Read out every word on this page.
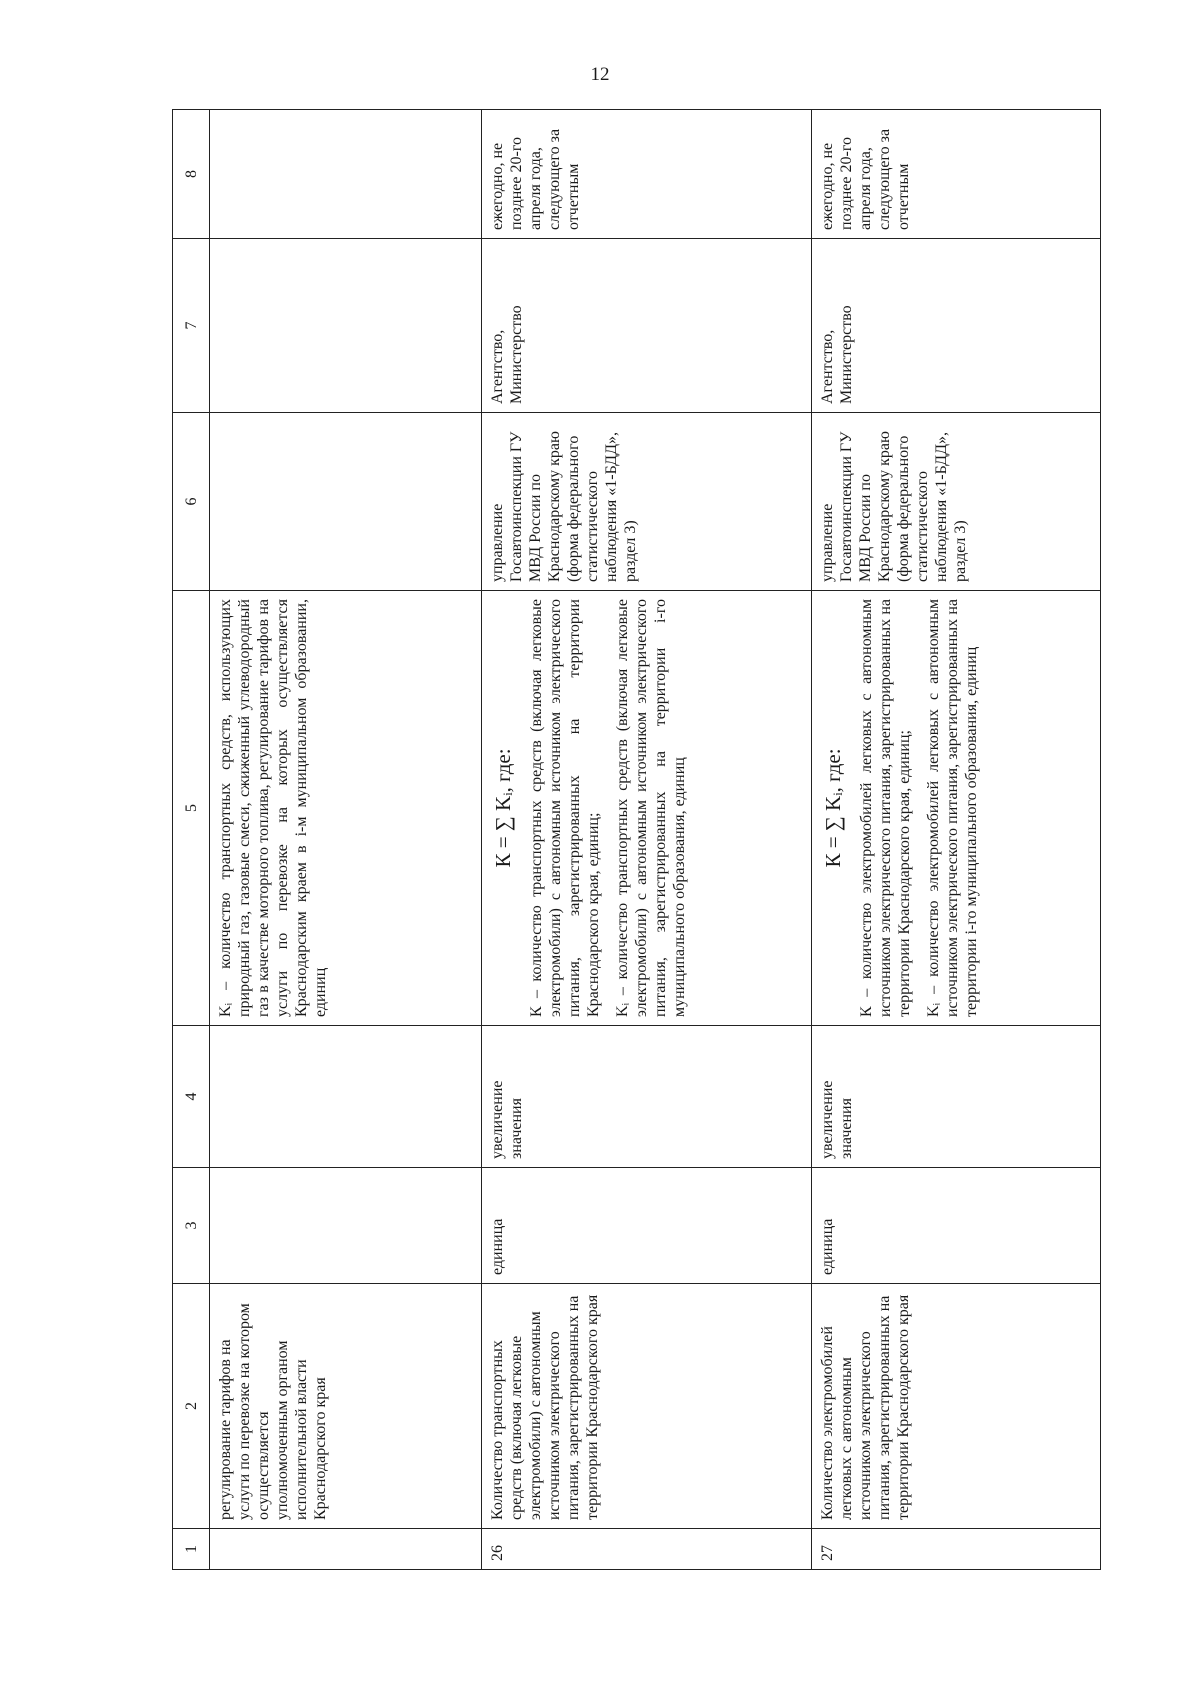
12
1	2	3	4	5	6	7	8
	регулирование тарифов на услуги по перевозке на котором осуществляется уполномоченным органом исполнительной власти Краснодарского края			Kᵢ – количество транспортных средств, использующих природный газ, газовые смеси, сжиженный углеводородный газ в качестве моторного топлива, регулирование тарифов на услуги по перевозке на которых осуществляется Краснодарским краем в i-м муниципальном образовании, единиц			

26	Количество транспортных средств (включая легковые электромобили) с автономным источником электрического питания, зарегистрированных на территории Краснодарского края	единица	увеличение значения	К = ∑ Kᵢ, где: К – количество транспортных средств (включая легковые электромобили) с автономным источником электрического питания, зарегистрированных на территории Краснодарского края, единиц; Kᵢ – количество транспортных средств (включая легковые электромобили) с автономным источником электрического питания, зарегистрированных на территории i-го муниципального образования, единиц	управление Госавтоинспекции ГУ МВД России по Краснодарскому краю (форма федерального статистического наблюдения «1-БДД», раздел 3)	Агентство, Министерство	ежегодно, не позднее 20-го апреля года, следующего за отчетным
27	Количество электромобилей легковых с автономным источником электрического питания, зарегистрированных на территории Краснодарского края	единица	увеличение значения	К = ∑ Kᵢ, где: К – количество электромобилей легковых с автономным источником электрического питания, зарегистрированных на территории Краснодарского края, единиц; Kᵢ – количество электромобилей легковых с автономным источником электрического питания, зарегистрированных на территории i-го муниципального образования, единиц	управление Госавтоинспекции ГУ МВД России по Краснодарскому краю (форма федерального статистического наблюдения «1-БДД», раздел 3)	Агентство, Министерство	ежегодно, не позднее 20-го апреля года, следующего за отчетным
